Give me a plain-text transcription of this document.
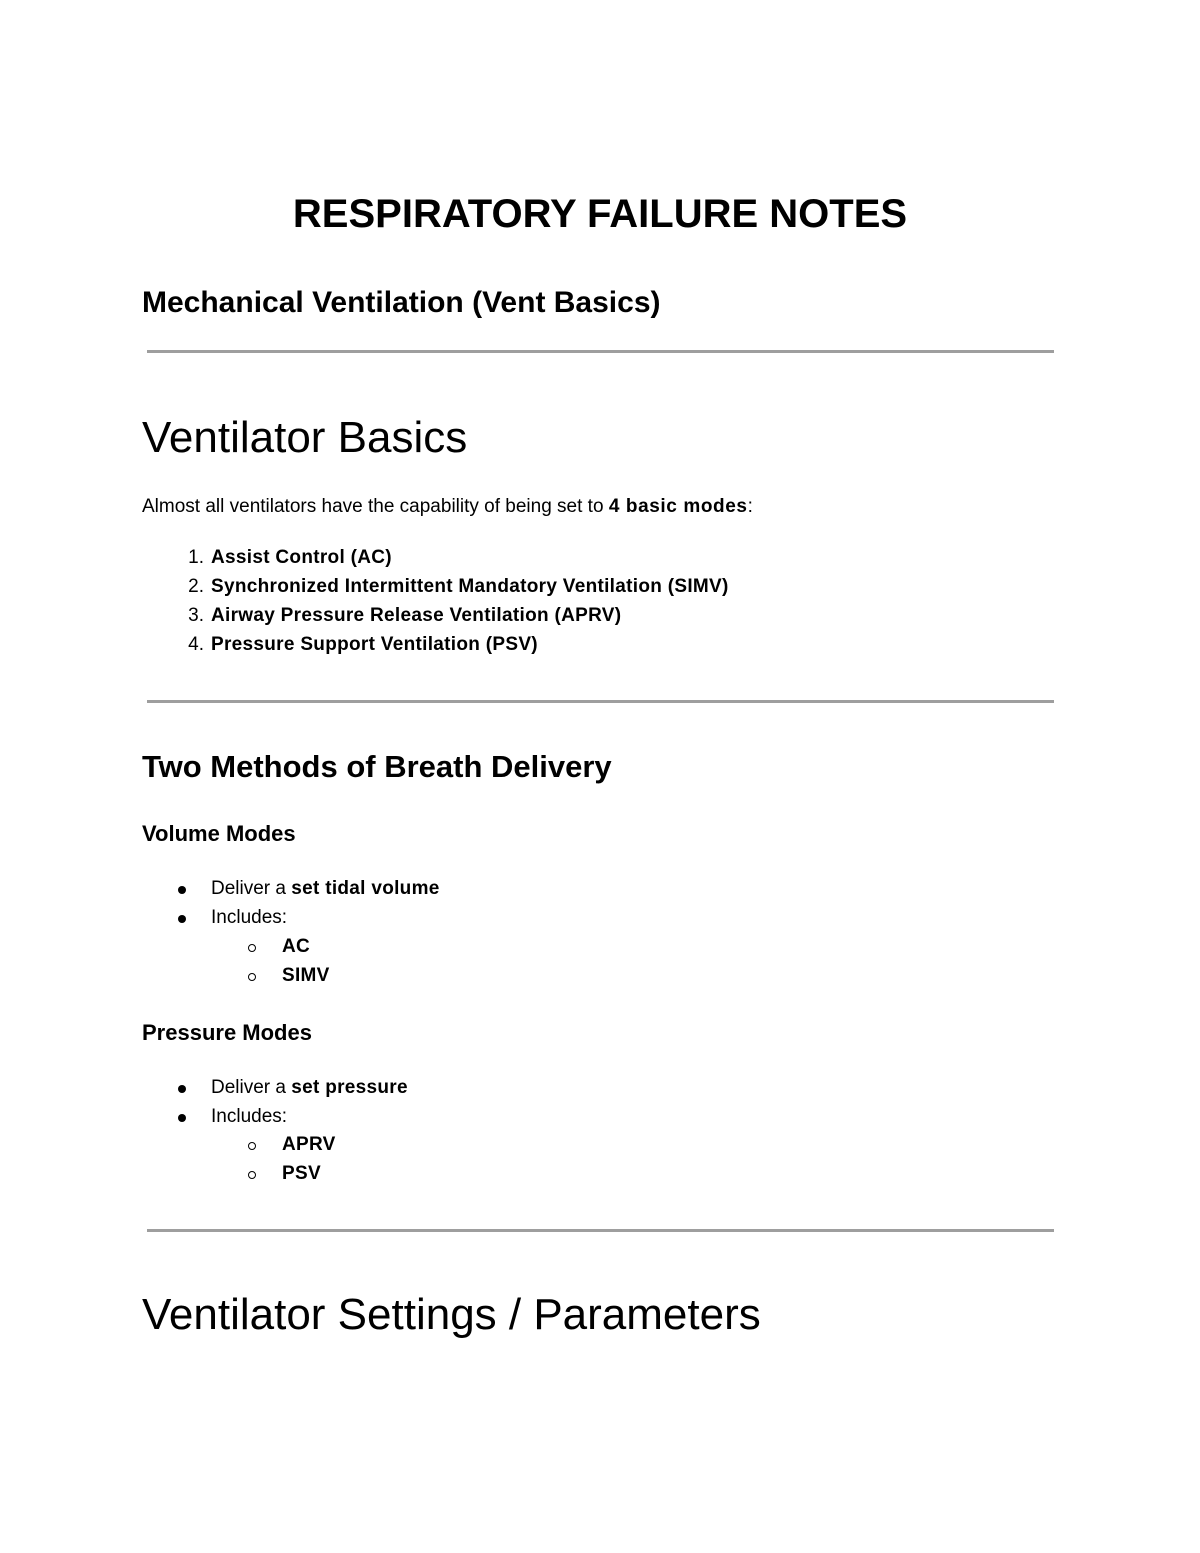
RESPIRATORY FAILURE NOTES
Mechanical Ventilation (Vent Basics)
Ventilator Basics
Almost all ventilators have the capability of being set to 4 basic modes:
1. Assist Control (AC)
2. Synchronized Intermittent Mandatory Ventilation (SIMV)
3. Airway Pressure Release Ventilation (APRV)
4. Pressure Support Ventilation (PSV)
Two Methods of Breath Delivery
Volume Modes
Deliver a set tidal volume
Includes:
AC
SIMV
Pressure Modes
Deliver a set pressure
Includes:
APRV
PSV
Ventilator Settings / Parameters
